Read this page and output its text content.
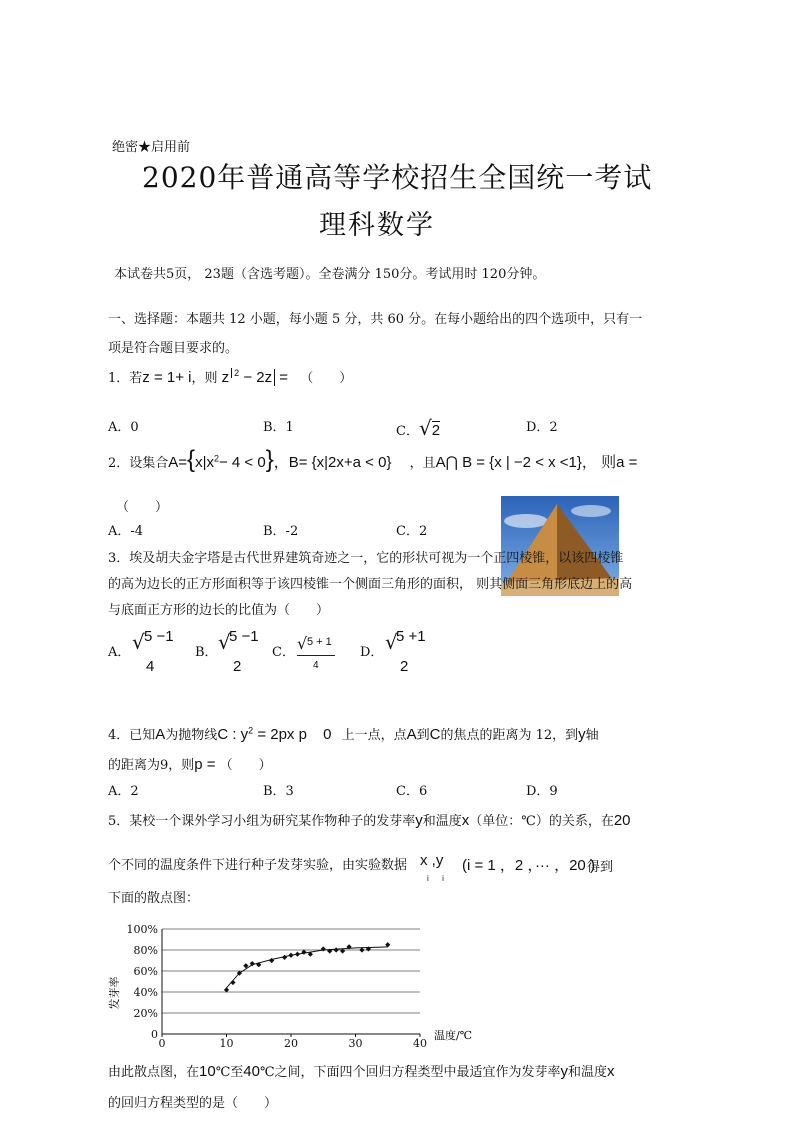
绝密★启用前
2020年普通高等学校招生全国统一考试
理科数学
本试卷共5页， 23题（含选考题）。全卷满分 150分。考试用时 120分钟。
一、选择题：本题共 12 小题，每小题 5 分，共 60 分。在每小题给出的四个选项中，只有一
项是符合题目要求的。
1．若z = 1+ i，则 z $^2$ − 2z = （　　）
A．0	B．1	C．√2	D．2
2．设集合$A=\{x|x^2- 4 < 0\}$，B= {x|2x+a < 0} ，且A⋂ B = {x | −2 < x <1}， 则a =
（　　）
A．-4	B．-2	C．2
3．埃及胡夫金字塔是古代世界建筑奇迹之一，它的形状可视为一个正四棱锥，以该四棱锥
的高为边长的正方形面积等于该四棱锥一个侧面三角形的面积， 则其侧面三角形底边上的高
与底面正方形的边长的比值为（　　）
A． √ 5 −1
4
B． √
5 −1
2
C． √ 5 + 1
4
D． √
5 +1
2
4．已知A为抛物线C : $y^2 = 2px$ p 0 上一点，点A到C的焦点的距离为 12，到y轴
的距离为9，则p = （　　）
A．2	B．3	C．6	D．9
5．某校一个课外学习小组为研究某作物种子的发芽率y和温度x（单位：℃）的关系，在20
个不同的温度条件下进行种子发芽实验，由实验数据 x ,y
i      i
(i = 1 ，2 ，··· ，20 )
得到
下面的散点图：
0
20%
40%
60%
80%
100%
0	10	20	30	40
发芽率
温度/℃
由此散点图，在10℃至40℃之间，下面四个回归方程类型中最适宜作为发芽率y和温度x
的回归方程类型的是（　　）
